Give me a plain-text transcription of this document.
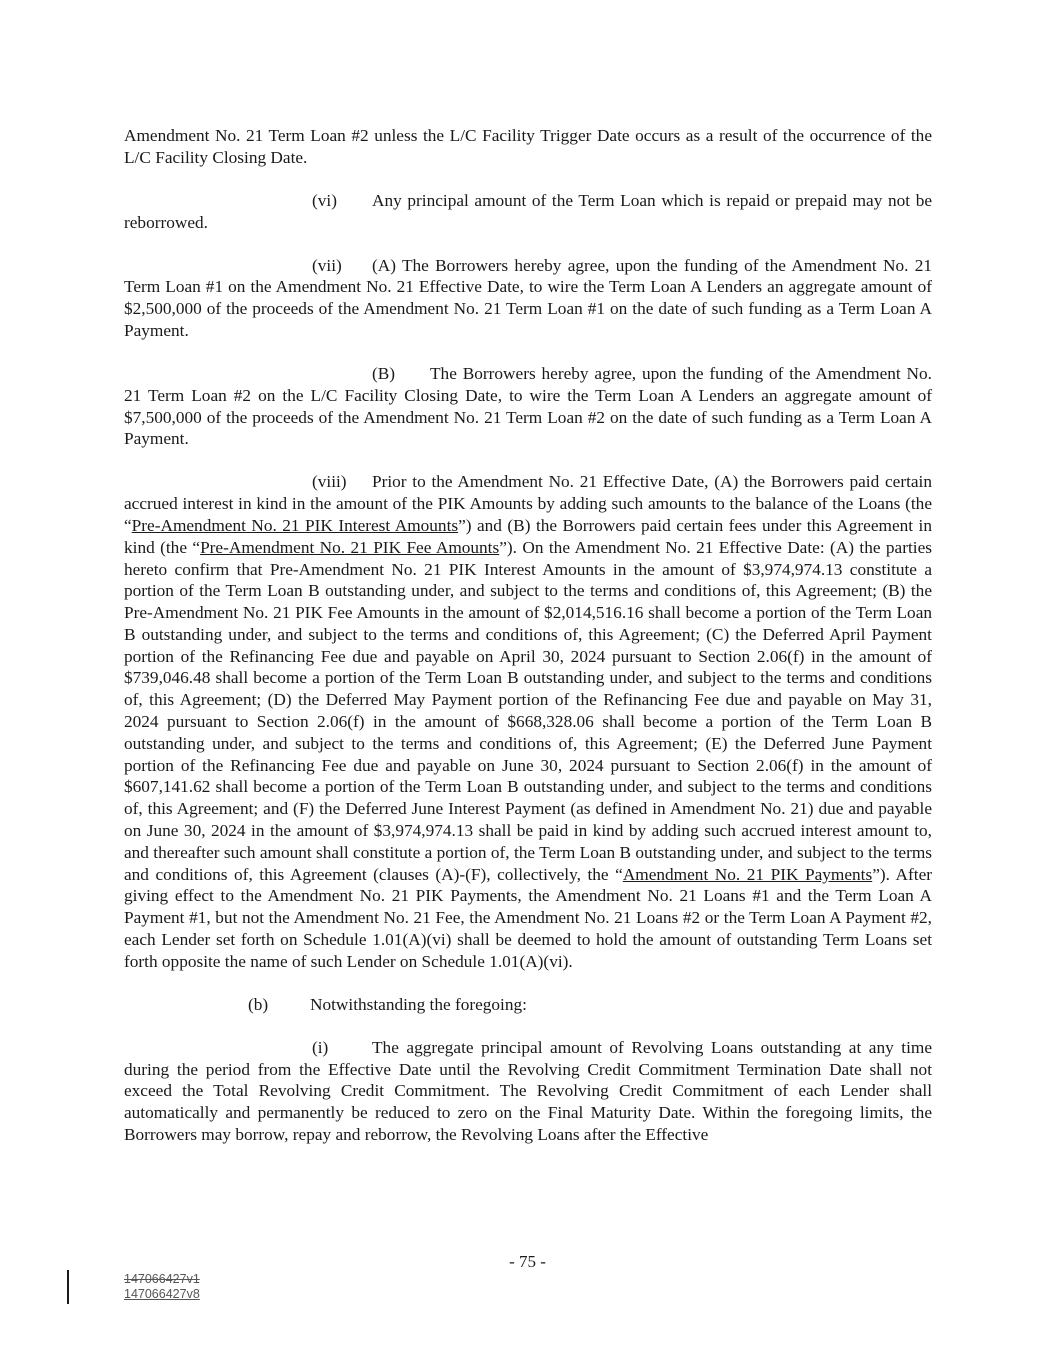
Amendment No. 21 Term Loan #2 unless the L/C Facility Trigger Date occurs as a result of the occurrence of the L/C Facility Closing Date.

(vi) Any principal amount of the Term Loan which is repaid or prepaid may not be reborrowed.

(vii) (A) The Borrowers hereby agree, upon the funding of the Amendment No. 21 Term Loan #1 on the Amendment No. 21 Effective Date, to wire the Term Loan A Lenders an aggregate amount of $2,500,000 of the proceeds of the Amendment No. 21 Term Loan #1 on the date of such funding as a Term Loan A Payment.

(B) The Borrowers hereby agree, upon the funding of the Amendment No. 21 Term Loan #2 on the L/C Facility Closing Date, to wire the Term Loan A Lenders an aggregate amount of $7,500,000 of the proceeds of the Amendment No. 21 Term Loan #2 on the date of such funding as a Term Loan A Payment.

(viii) Prior to the Amendment No. 21 Effective Date, (A) the Borrowers paid certain accrued interest in kind in the amount of the PIK Amounts by adding such amounts to the balance of the Loans (the “Pre-Amendment No. 21 PIK Interest Amounts”) and (B) the Borrowers paid certain fees under this Agreement in kind (the “Pre-Amendment No. 21 PIK Fee Amounts”). On the Amendment No. 21 Effective Date: (A) the parties hereto confirm that Pre-Amendment No. 21 PIK Interest Amounts in the amount of $3,974,974.13 constitute a portion of the Term Loan B outstanding under, and subject to the terms and conditions of, this Agreement; (B) the Pre-Amendment No. 21 PIK Fee Amounts in the amount of $2,014,516.16 shall become a portion of the Term Loan B outstanding under, and subject to the terms and conditions of, this Agreement; (C) the Deferred April Payment portion of the Refinancing Fee due and payable on April 30, 2024 pursuant to Section 2.06(f) in the amount of $739,046.48 shall become a portion of the Term Loan B outstanding under, and subject to the terms and conditions of, this Agreement; (D) the Deferred May Payment portion of the Refinancing Fee due and payable on May 31, 2024 pursuant to Section 2.06(f) in the amount of $668,328.06 shall become a portion of the Term Loan B outstanding under, and subject to the terms and conditions of, this Agreement; (E) the Deferred June Payment portion of the Refinancing Fee due and payable on June 30, 2024 pursuant to Section 2.06(f) in the amount of $607,141.62 shall become a portion of the Term Loan B outstanding under, and subject to the terms and conditions of, this Agreement; and (F) the Deferred June Interest Payment (as defined in Amendment No. 21) due and payable on June 30, 2024 in the amount of $3,974,974.13 shall be paid in kind by adding such accrued interest amount to, and thereafter such amount shall constitute a portion of, the Term Loan B outstanding under, and subject to the terms and conditions of, this Agreement (clauses (A)-(F), collectively, the “Amendment No. 21 PIK Payments”). After giving effect to the Amendment No. 21 PIK Payments, the Amendment No. 21 Loans #1 and the Term Loan A Payment #1, but not the Amendment No. 21 Fee, the Amendment No. 21 Loans #2 or the Term Loan A Payment #2, each Lender set forth on Schedule 1.01(A)(vi) shall be deemed to hold the amount of outstanding Term Loans set forth opposite the name of such Lender on Schedule 1.01(A)(vi).

(b) Notwithstanding the foregoing:

(i)	The aggregate principal amount of Revolving Loans outstanding at any time during the period from the Effective Date until the Revolving Credit Commitment Termination Date shall not exceed the Total Revolving Credit Commitment. The Revolving Credit Commitment of each Lender shall automatically and permanently be reduced to zero on the Final Maturity Date. Within the foregoing limits, the Borrowers may borrow, repay and reborrow, the Revolving Loans after the Effective

- 75 -
147066427v1
147066427v8
